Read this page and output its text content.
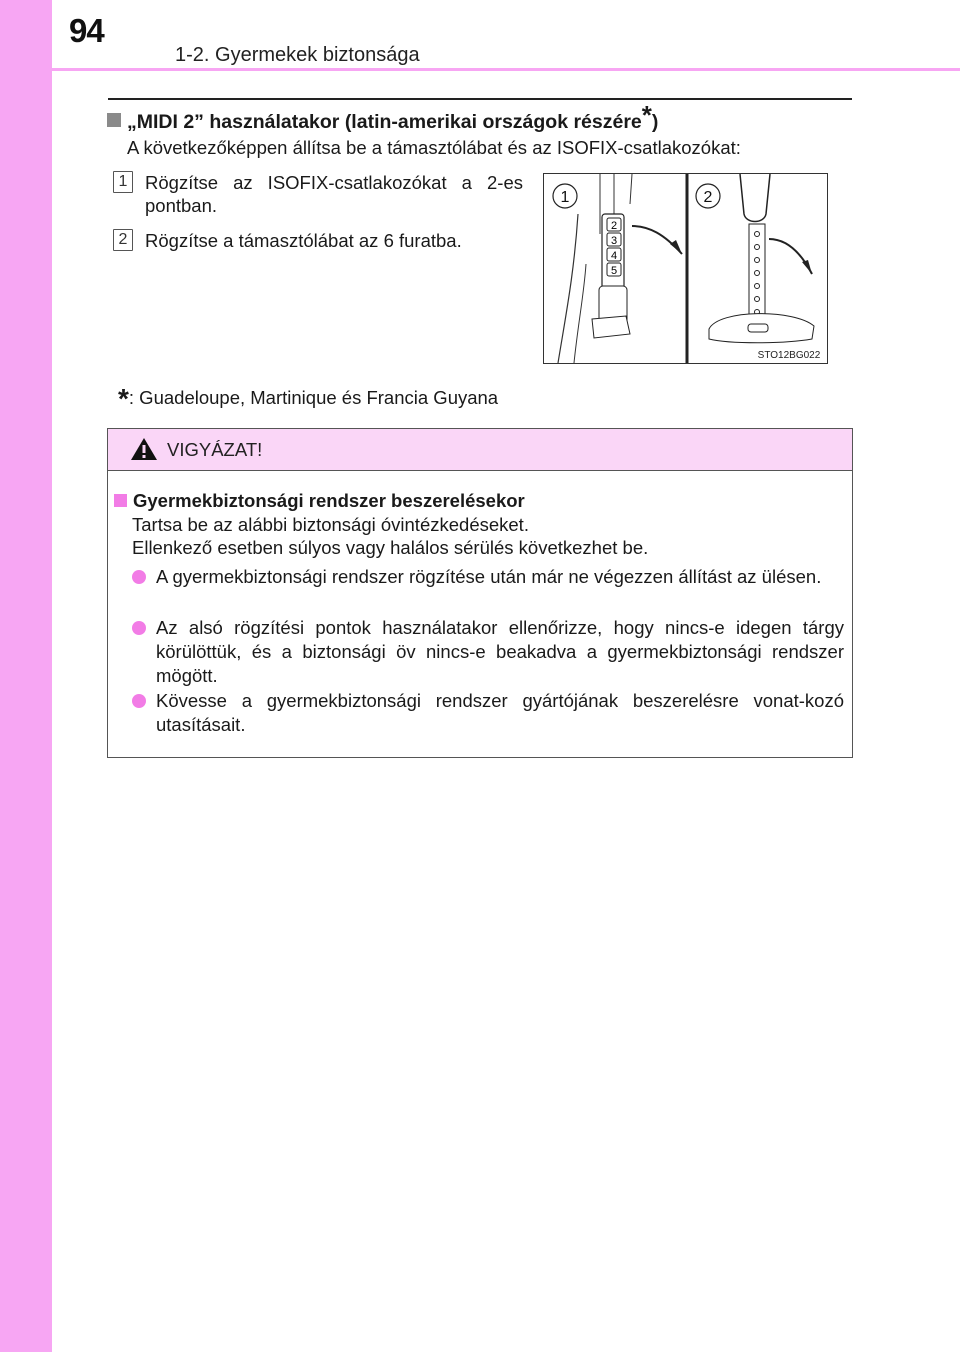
94
1-2. Gyermekek biztonsága
„MIDI 2” használatakor (latin-amerikai országok részére*)
A következőképpen állítsa be a támasztólábat és az ISOFIX-csatlakozókat:
1 Rögzítse az ISOFIX-csatlakozókat a 2-es pontban.
2 Rögzítse a támasztólábat az 6 furatba.
1	2
2
3
4
5
STO12BG022
*: Guadeloupe, Martinique és Francia Guyana
VIGYÁZAT!
Gyermekbiztonsági rendszer beszerelésekor
Tartsa be az alábbi biztonsági óvintézkedéseket.
Ellenkező esetben súlyos vagy halálos sérülés következhet be.
A gyermekbiztonsági rendszer rögzítése után már ne végezzen állítást az ülésen.
Az alsó rögzítési pontok használatakor ellenőrizze, hogy nincs-e idegen tárgy körülöttük, és a biztonsági öv nincs-e beakadva a gyermekbiztonsági rendszer mögött.
Kövesse a gyermekbiztonsági rendszer gyártójának beszerelésre vonat-kozó utasításait.
